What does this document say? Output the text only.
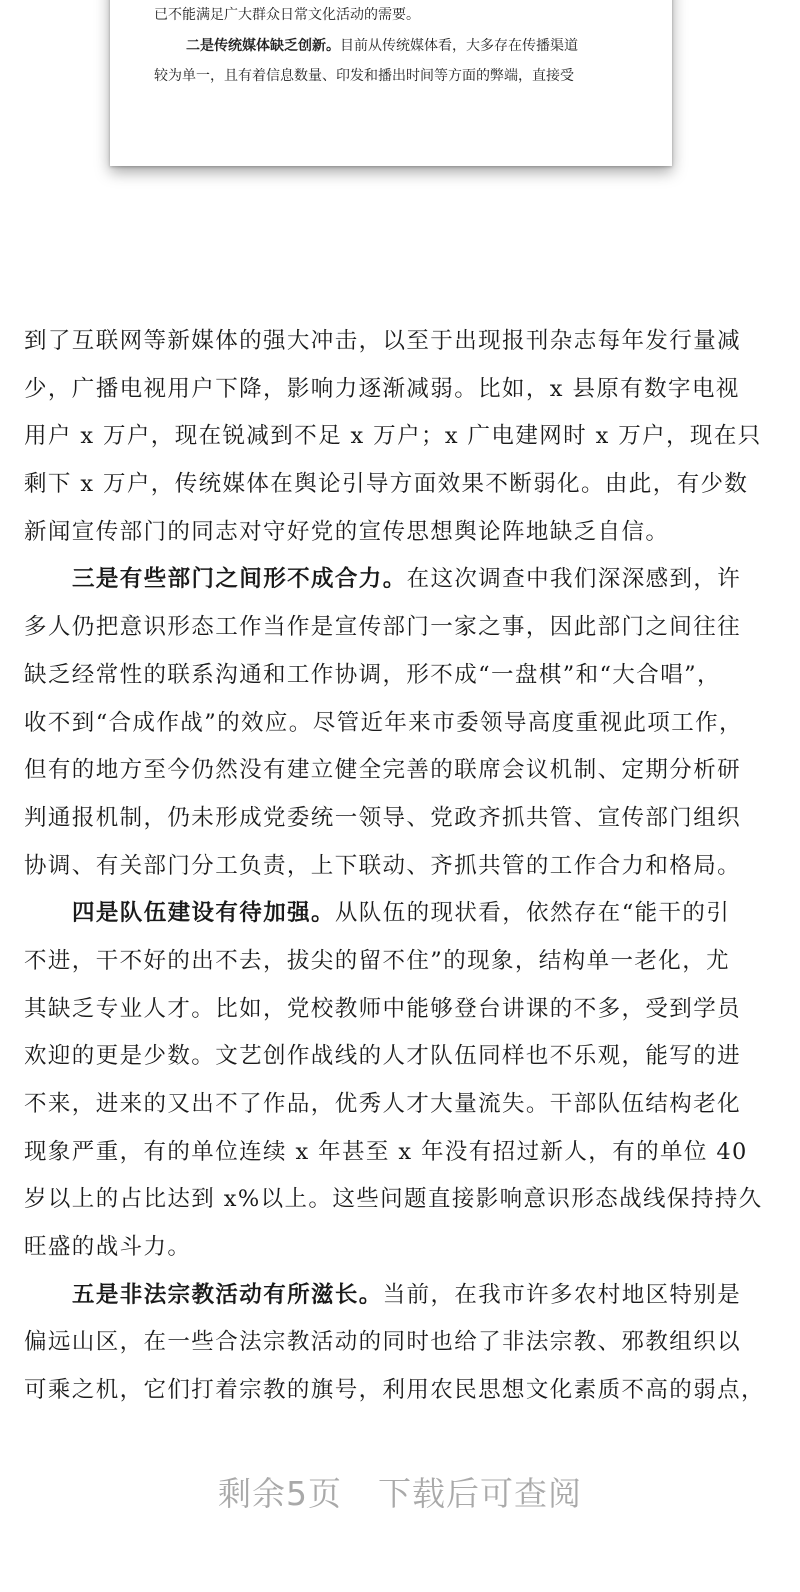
已不能满足广大群众日常文化活动的需要。
二是传统媒体缺乏创新。目前从传统媒体看，大多存在传播渠道
较为单一，且有着信息数量、印发和播出时间等方面的弊端，直接受
到了互联网等新媒体的强大冲击，以至于出现报刊杂志每年发行量减
少，广播电视用户下降，影响力逐渐减弱。比如，x 县原有数字电视
用户 x 万户，现在锐减到不足 x 万户；x 广电建网时 x 万户，现在只
剩下 x 万户，传统媒体在舆论引导方面效果不断弱化。由此，有少数
新闻宣传部门的同志对守好党的宣传思想舆论阵地缺乏自信。
三是有些部门之间形不成合力。在这次调查中我们深深感到，许
多人仍把意识形态工作当作是宣传部门一家之事，因此部门之间往往
缺乏经常性的联系沟通和工作协调，形不成“一盘棋”和“大合唱”，
收不到“合成作战”的效应。尽管近年来市委领导高度重视此项工作，
但有的地方至今仍然没有建立健全完善的联席会议机制、定期分析研
判通报机制，仍未形成党委统一领导、党政齐抓共管、宣传部门组织
协调、有关部门分工负责，上下联动、齐抓共管的工作合力和格局。
四是队伍建设有待加强。从队伍的现状看，依然存在“能干的引
不进，干不好的出不去，拔尖的留不住”的现象，结构单一老化，尤
其缺乏专业人才。比如，党校教师中能够登台讲课的不多，受到学员
欢迎的更是少数。文艺创作战线的人才队伍同样也不乐观，能写的进
不来，进来的又出不了作品，优秀人才大量流失。干部队伍结构老化
现象严重，有的单位连续 x 年甚至 x 年没有招过新人，有的单位 40
岁以上的占比达到 x%以上。这些问题直接影响意识形态战线保持持久
旺盛的战斗力。
五是非法宗教活动有所滋长。当前，在我市许多农村地区特别是
偏远山区，在一些合法宗教活动的同时也给了非法宗教、邪教组织以
可乘之机，它们打着宗教的旗号，利用农民思想文化素质不高的弱点，
剩余5页 下载后可查阅
